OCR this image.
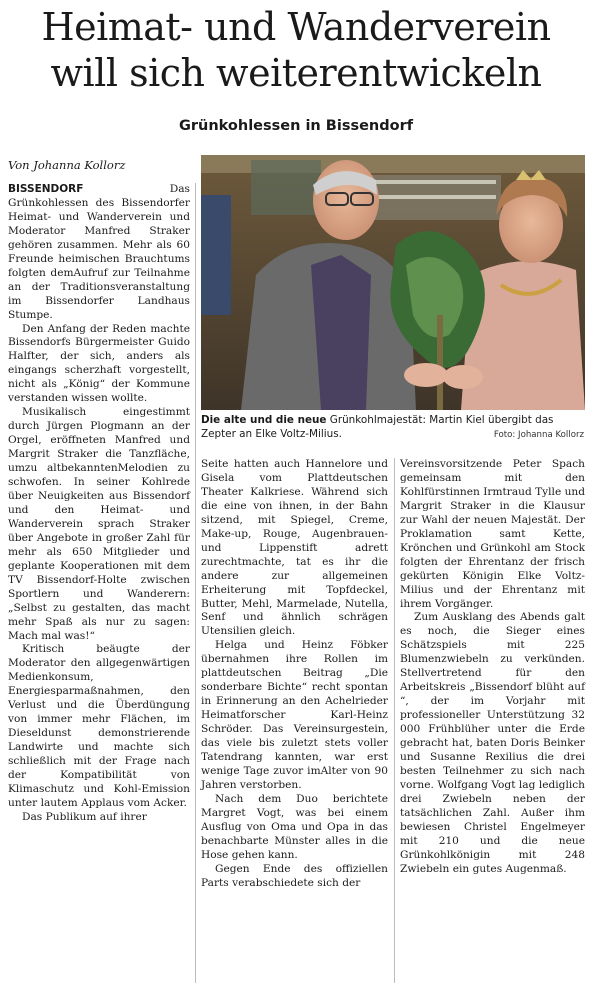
Heimat- und Wanderverein
will sich weiterentwickeln
Grünkohlessen in Bissendorf
Von Johanna Kollorz

BISSENDORF Das Grünkohlessen des Bissendorfer Heimat- und Wanderverein und Moderator Manfred Straker gehören zusammen. Mehr als 60 Freunde heimischen Brauchtums folgten demAufruf zur Teilnahme an der Traditionsveranstaltung im Bissendorfer Landhaus Stumpe.

Den Anfang der Reden machte Bissendorfs Bürgermeister Guido Halfter, der sich, anders als eingangs scherzhaft vorgestellt, nicht als „König“ der Kommune verstanden wissen wollte.

Musikalisch eingestimmt durch Jürgen Plogmann an der Orgel, eröffneten Manfred und Margrit Straker die Tanzfläche, umzu altbekanntenMelodien zu schwofen. In seiner Kohlrede über Neuigkeiten aus Bissendorf und den Heimat- und Wanderverein sprach Straker über Angebote in großer Zahl für mehr als 650 Mitglieder und geplante Kooperationen mit dem TV Bissendorf-Holte zwischen Sportlern und Wanderern: „Selbst zu gestalten, das macht mehr Spaß als nur zu sagen: Mach mal was!“

Kritisch beäugte der Moderator den allgegenwärtigen Medienkonsum, Energiesparmaßnahmen, den Verlust und die Überdüngung von immer mehr Flächen, im Dieseldunst demonstrierende Landwirte und machte sich schließlich mit der Frage nach der Kompatibilität von Klimaschutz und Kohl-Emission unter lautem Applaus vom Acker.

Das Publikum auf ihrer

Die alte und die neue Grünkohlmajestät: Martin Kiel übergibt das Zepter an Elke Voltz-Milius.	Foto: Johanna Kollorz

Seite hatten auch Hannelore und Gisela vom Plattdeutschen Theater Kalkriese. Während sich die eine von ihnen, in der Bahn sitzend, mit Spiegel, Creme, Make-up, Rouge, Augenbrauen- und Lippenstift adrett zurechtmachte, tat es ihr die andere zur allgemeinen Erheiterung mit Topfdeckel, Butter, Mehl, Marmelade, Nutella, Senf und ähnlich schrägen Utensilien gleich.

Helga und Heinz Föbker übernahmen ihre Rollen im plattdeutschen Beitrag „Die sonderbare Bichte“ recht spontan in Erinnerung an den Achelrieder Heimatforscher Karl-Heinz Schröder. Das Vereinsurgestein, das viele bis zuletzt stets voller Tatendrang kannten, war erst wenige Tage zuvor imAlter von 90 Jahren verstorben.

Nach dem Duo berichtete Margret Vogt, was bei einem Ausflug von Oma und Opa in das benachbarte Münster alles in die Hose gehen kann.

Gegen Ende des offiziellen Parts verabschiedete sich der

Vereinsvorsitzende Peter Spach gemeinsam mit den Kohlfürstinnen Irmtraud Tylle und Margrit Straker in die Klausur zur Wahl der neuen Majestät. Der Proklamation samt Kette, Krönchen und Grünkohl am Stock folgten der Ehrentanz der frisch gekürten Königin Elke Voltz-Milius und der Ehrentanz mit ihrem Vorgänger.

Zum Ausklang des Abends galt es noch, die Sieger eines Schätzspiels mit 225 Blumenzwiebeln zu verkünden. Stellvertretend für den Arbeitskreis „Bissendorf blüht auf “, der im Vorjahr mit professioneller Unterstützung 32 000 Frühblüher unter die Erde gebracht hat, baten Doris Beinker und Susanne Rexilius die drei besten Teilnehmer zu sich nach vorne. Wolfgang Vogt lag lediglich drei Zwiebeln neben der tatsächlichen Zahl. Außer ihm bewiesen Christel Engelmeyer mit 210 und die neue Grünkohlkönigin mit 248 Zwiebeln ein gutes Augenmaß.
